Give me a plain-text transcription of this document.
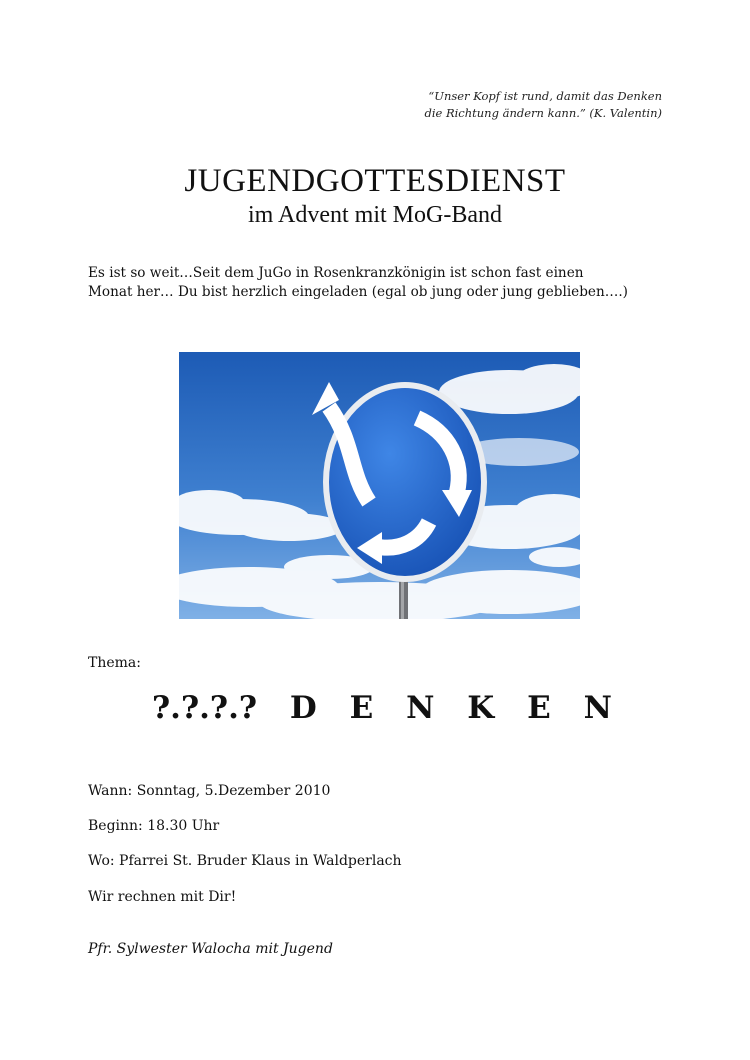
“Unser Kopf ist rund, damit das Denken
die Richtung ändern kann.” (K. Valentin)
JUGENDGOTTESDIENST
im Advent mit MoG-Band
Es ist so weit…Seit dem JuGo in Rosenkranzkönigin ist schon fast einen
Monat her… Du bist herzlich eingeladen (egal ob jung oder jung geblieben….)
Thema:
?.?.?.? D E N K E N
Wann: Sonntag, 5.Dezember 2010
Beginn: 18.30 Uhr
Wo: Pfarrei St. Bruder Klaus in Waldperlach
Wir rechnen mit Dir!
Pfr. Sylwester Walocha mit Jugend
